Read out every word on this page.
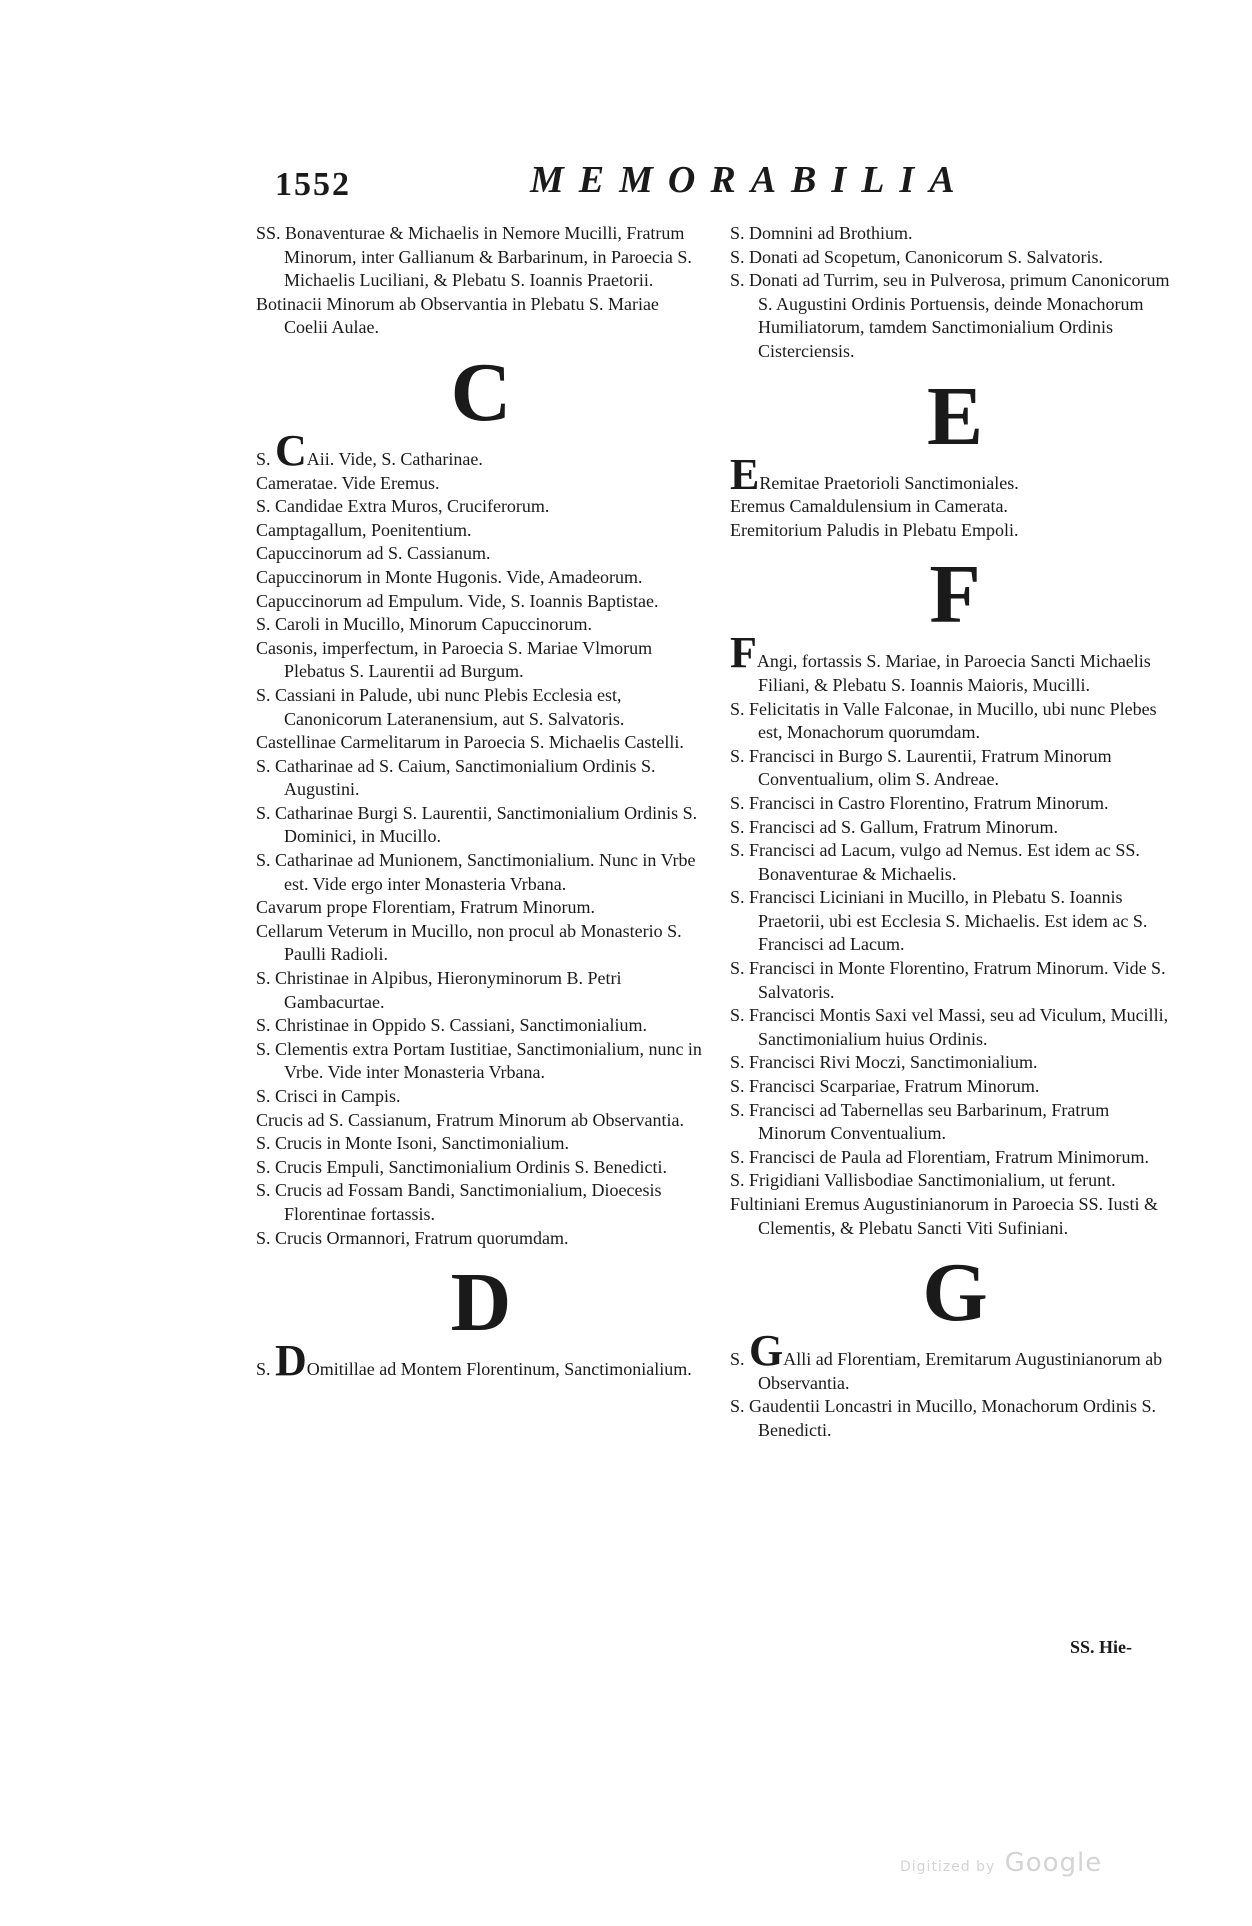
1552	MEMORABILIA

SS. Bonaventurae & Michaelis in Nemore Mucilli, Fratrum Minorum, inter Gallianum & Barbarinum, in Paroecia S. Michaelis Luciliani, & Plebatu S. Ioannis Praetorii.

Botinacii Minorum ab Observantia in Plebatu S. Mariae Coelii Aulae.

C

S. CAii. Vide, S. Catharinae.

Cameratae. Vide Eremus.

S. Candidae Extra Muros, Cruciferorum.

Camptagallum, Poenitentium.

Capuccinorum ad S. Cassianum.

Capuccinorum in Monte Hugonis. Vide, Amadeorum.

Capuccinorum ad Empulum. Vide, S. Ioannis Baptistae.

S. Caroli in Mucillo, Minorum Capuccinorum.

Casonis, imperfectum, in Paroecia S. Mariae Vlmorum Plebatus S. Laurentii ad Burgum.

S. Cassiani in Palude, ubi nunc Plebis Ecclesia est, Canonicorum Lateranensium, aut S. Salvatoris.

Castellinae Carmelitarum in Paroecia S. Michaelis Castelli.

S. Catharinae ad S. Caium, Sanctimonialium Ordinis S. Augustini.

S. Catharinae Burgi S. Laurentii, Sanctimonialium Ordinis S. Dominici, in Mucillo.

S. Catharinae ad Munionem, Sanctimonialium. Nunc in Vrbe est. Vide ergo inter Monasteria Vrbana.

Cavarum prope Florentiam, Fratrum Minorum.

Cellarum Veterum in Mucillo, non procul ab Monasterio S. Paulli Radioli.

S. Christinae in Alpibus, Hieronyminorum B. Petri Gambacurtae.

S. Christinae in Oppido S. Cassiani, Sanctimonialium.

S. Clementis extra Portam Iustitiae, Sanctimonialium, nunc in Vrbe. Vide inter Monasteria Vrbana.

S. Crisci in Campis.

Crucis ad S. Cassianum, Fratrum Minorum ab Observantia.

S. Crucis in Monte Isoni, Sanctimonialium.

S. Crucis Empuli, Sanctimonialium Ordinis S. Benedicti.

S. Crucis ad Fossam Bandi, Sanctimonialium, Dioecesis Florentinae fortassis.

S. Crucis Ormannori, Fratrum quorumdam.

D

S. DOmitillae ad Montem Florentinum, Sanctimonialium.

S. Domnini ad Brothium.

S. Donati ad Scopetum, Canonicorum S. Salvatoris.

S. Donati ad Turrim, seu in Pulverosa, primum Canonicorum S. Augustini Ordinis Portuensis, deinde Monachorum Humiliatorum, tamdem Sanctimonialium Ordinis Cisterciensis.

E

ERemitae Praetorioli Sanctimoniales.

Eremus Camaldulensium in Camerata.

Eremitorium Paludis in Plebatu Empoli.

F

FAngi, fortassis S. Mariae, in Paroecia Sancti Michaelis Filiani, & Plebatu S. Ioannis Maioris, Mucilli.

S. Felicitatis in Valle Falconae, in Mucillo, ubi nunc Plebes est, Monachorum quorumdam.

S. Francisci in Burgo S. Laurentii, Fratrum Minorum Conventualium, olim S. Andreae.

S. Francisci in Castro Florentino, Fratrum Minorum.

S. Francisci ad S. Gallum, Fratrum Minorum.

S. Francisci ad Lacum, vulgo ad Nemus. Est idem ac SS. Bonaventurae & Michaelis.

S. Francisci Liciniani in Mucillo, in Plebatu S. Ioannis Praetorii, ubi est Ecclesia S. Michaelis. Est idem ac S. Francisci ad Lacum.

S. Francisci in Monte Florentino, Fratrum Minorum. Vide S. Salvatoris.

S. Francisci Montis Saxi vel Massi, seu ad Viculum, Mucilli, Sanctimonialium huius Ordinis.

S. Francisci Rivi Moczi, Sanctimonialium.

S. Francisci Scarpariae, Fratrum Minorum.

S. Francisci ad Tabernellas seu Barbarinum, Fratrum Minorum Conventualium.

S. Francisci de Paula ad Florentiam, Fratrum Minimorum.

S. Frigidiani Vallisbodiae Sanctimonialium, ut ferunt.

Fultiniani Eremus Augustinianorum in Paroecia SS. Iusti & Clementis, & Plebatu Sancti Viti Sufiniani.

G

S. GAlli ad Florentiam, Eremitarum Augustinianorum ab Observantia.

S. Gaudentii Loncastri in Mucillo, Monachorum Ordinis S. Benedicti.

SS. Hie-
Digitized by Google
